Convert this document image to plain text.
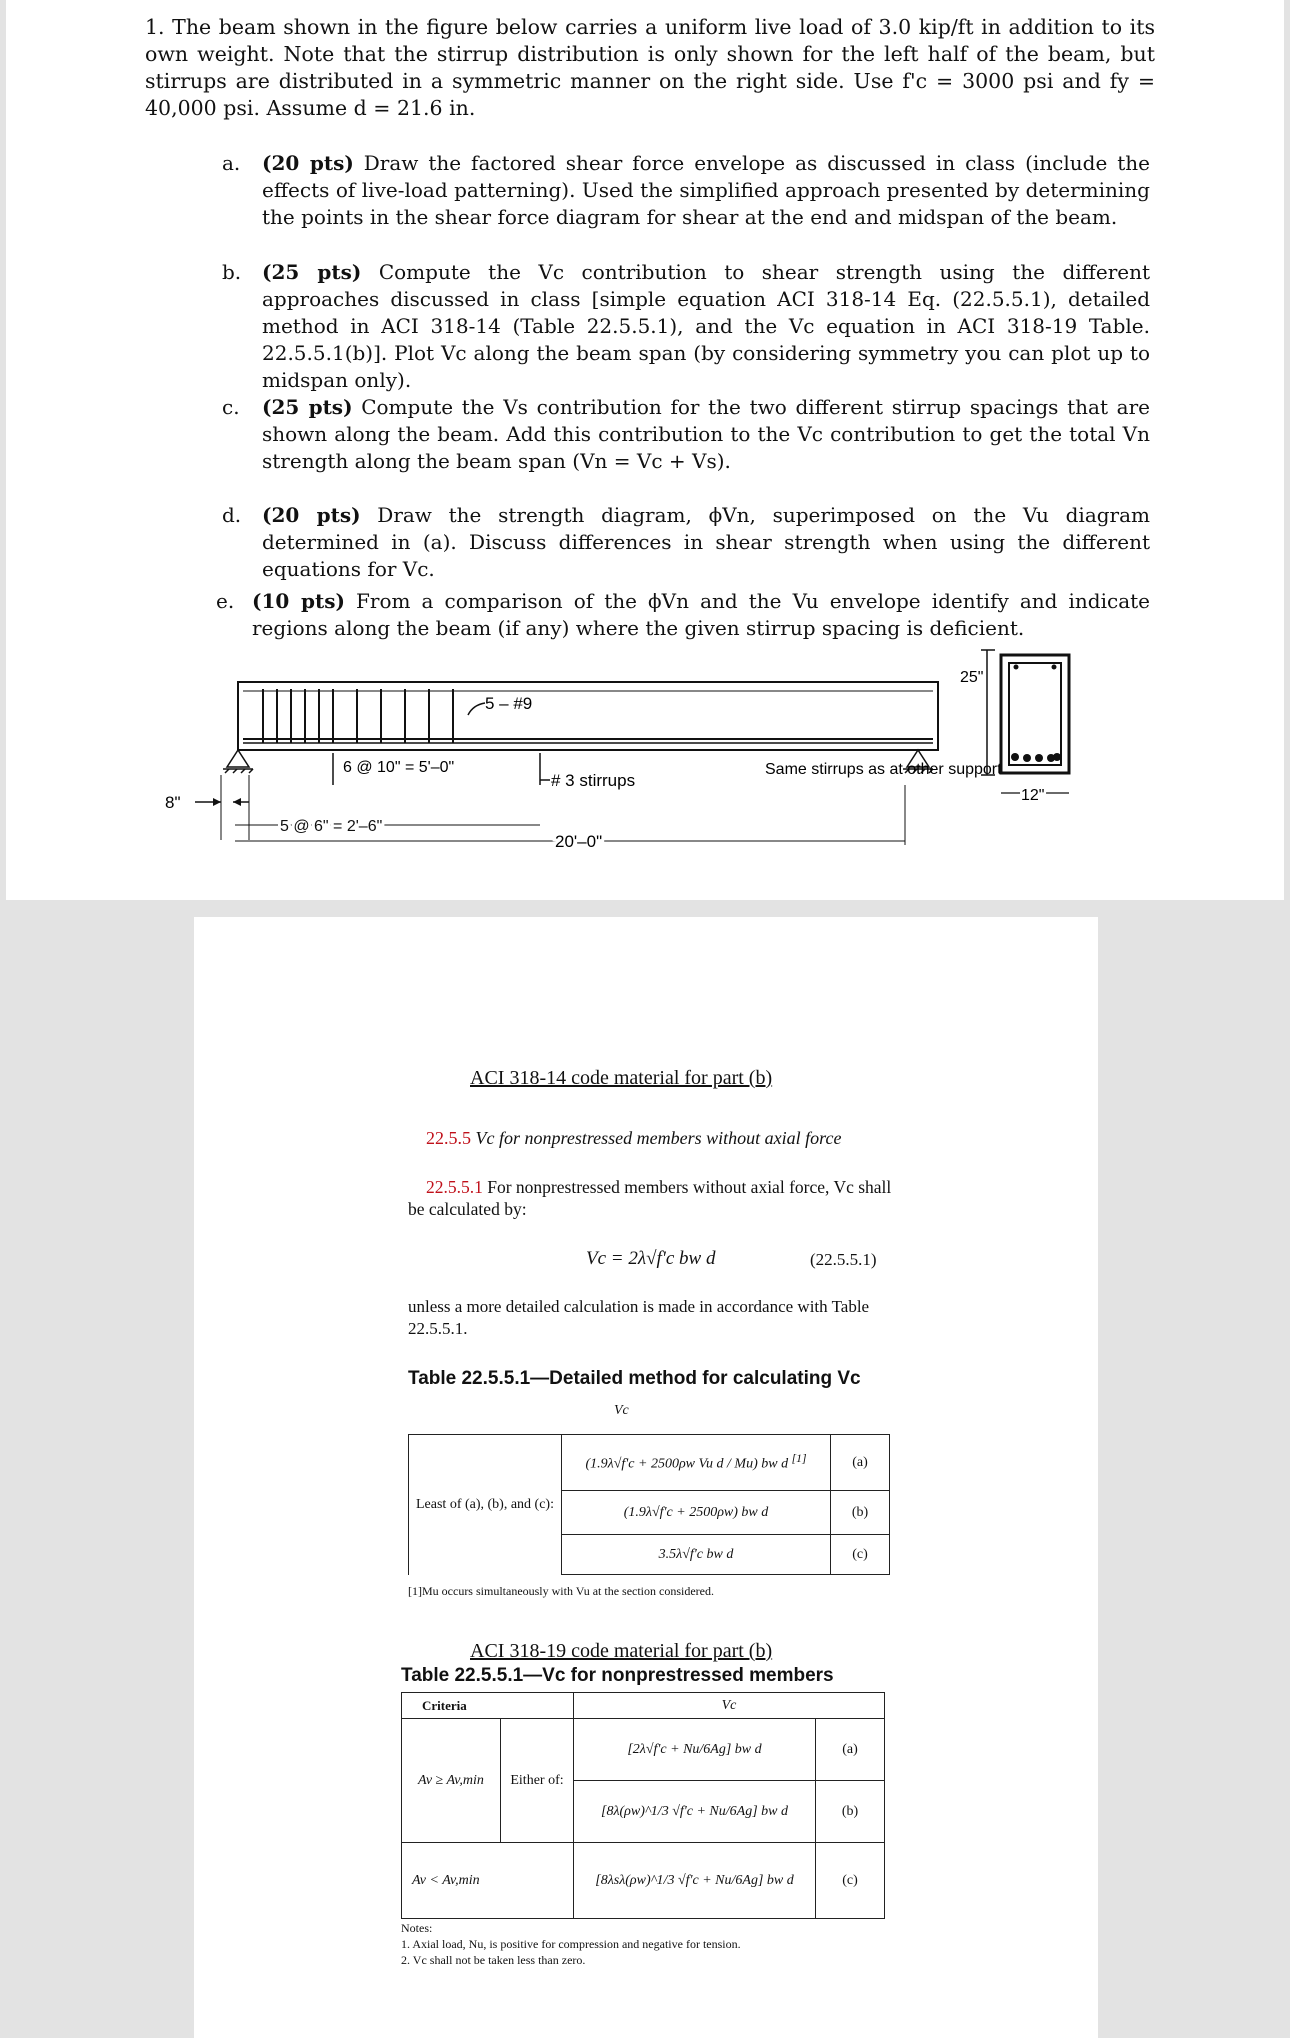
1. The beam shown in the figure below carries a uniform live load of 3.0 kip/ft in addition to its own weight. Note that the stirrup distribution is only shown for the left half of the beam, but stirrups are distributed in a symmetric manner on the right side. Use f'c = 3000 psi and fy = 40,000 psi. Assume d = 21.6 in.
a. (20 pts) Draw the factored shear force envelope as discussed in class (include the effects of live-load patterning). Used the simplified approach presented by determining the points in the shear force diagram for shear at the end and midspan of the beam.
b. (25 pts) Compute the Vc contribution to shear strength using the different approaches discussed in class [simple equation ACI 318-14 Eq. (22.5.5.1), detailed method in ACI 318-14 (Table 22.5.5.1), and the Vc equation in ACI 318-19 Table. 22.5.5.1(b)]. Plot Vc along the beam span (by considering symmetry you can plot up to midspan only).
c. (25 pts) Compute the Vs contribution for the two different stirrup spacings that are shown along the beam. Add this contribution to the Vc contribution to get the total Vn strength along the beam span (Vn = Vc + Vs).
d. (20 pts) Draw the strength diagram, ϕVn, superimposed on the Vu diagram determined in (a). Discuss differences in shear strength when using the different equations for Vc.
e. (10 pts) From a comparison of the ϕVn and the Vu envelope identify and indicate regions along the beam (if any) where the given stirrup spacing is deficient.
5 – #9
6 @ 10" = 5'–0"
# 3 stirrups
8"
5 @ 6" = 2'–6"
20'–0"
Same stirrups as at other support
25"
12"
ACI 318-14 code material for part (b)
22.5.5 Vc for nonprestressed members without axial force
22.5.5.1 For nonprestressed members without axial force, Vc shall be calculated by:
Vc = 2λ√f'c bw d	(22.5.5.1)
unless a more detailed calculation is made in accordance with Table 22.5.5.1.
Table 22.5.5.1—Detailed method for calculating Vc
Vc
Least of (a), (b), and (c):	(1.9λ√f'c + 2500ρw Vu d / Mu) bw d [1]	(a)
	(1.9λ√f'c + 2500ρw) bw d	(b)
	3.5λ√f'c bw d	(c)
[1]Mu occurs simultaneously with Vu at the section considered.
ACI 318-19 code material for part (b)
Table 22.5.5.1—Vc for nonprestressed members
Criteria		Vc	
Av ≥ Av,min	Either of:	[2λ√f'c + Nu/6Ag] bw d	(a)
		[8λ(ρw)^1/3 √f'c + Nu/6Ag] bw d	(b)
Av < Av,min		[8λsλ(ρw)^1/3 √f'c + Nu/6Ag] bw d	(c)
Notes:
1. Axial load, Nu, is positive for compression and negative for tension.
2. Vc shall not be taken less than zero.
